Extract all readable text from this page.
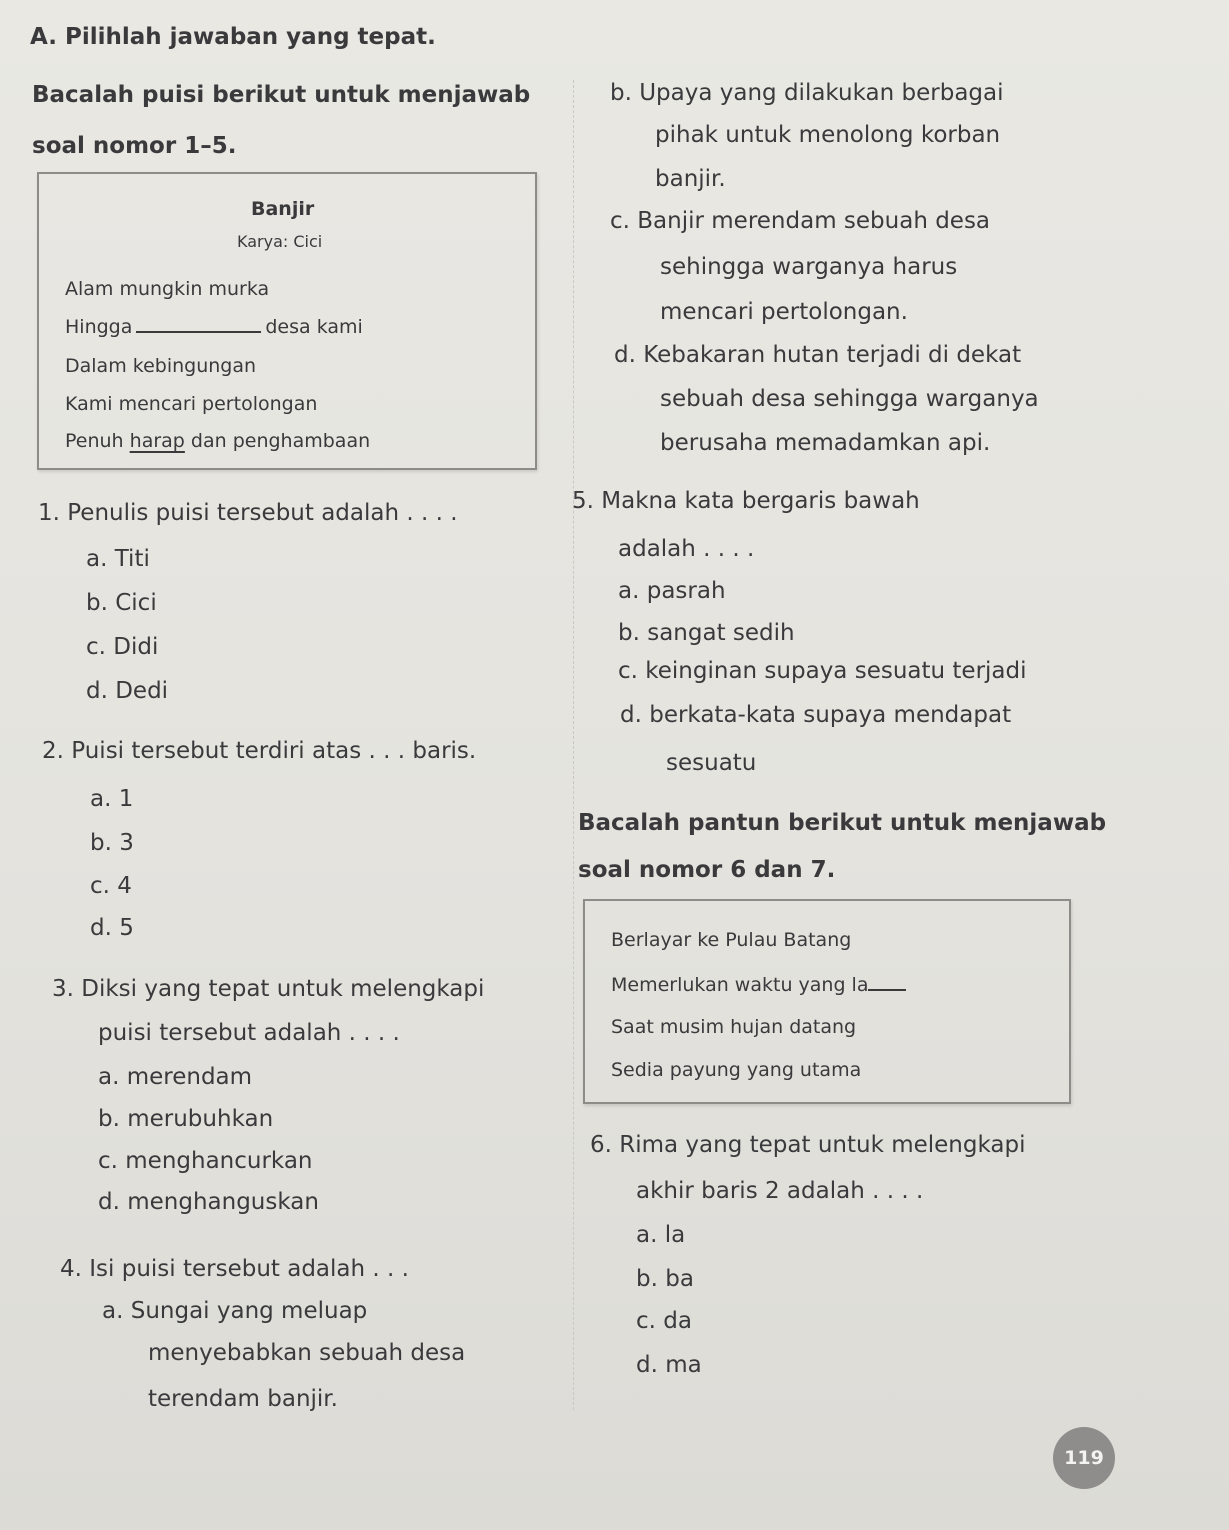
A. Pilihlah jawaban yang tepat.
Bacalah puisi berikut untuk menjawab
soal nomor 1–5.
Banjir
Karya: Cici
Alam mungkin murka
Hingga	desa kami
Dalam kebingungan
Kami mencari pertolongan
Penuh harap dan penghambaan
1. Penulis puisi tersebut adalah . . . .
a. Titi
b. Cici
c. Didi
d. Dedi
2. Puisi tersebut terdiri atas . . . baris.
a. 1
b. 3
c. 4
d. 5
3. Diksi yang tepat untuk melengkapi
puisi tersebut adalah . . . .
a. merendam
b. merubuhkan
c. menghancurkan
d. menghanguskan
4. Isi puisi tersebut adalah . . .
a. Sungai yang meluap
menyebabkan sebuah desa
terendam banjir.
b. Upaya yang dilakukan berbagai
pihak untuk menolong korban
banjir.
c. Banjir merendam sebuah desa
sehingga warganya harus
mencari pertolongan.
d. Kebakaran hutan terjadi di dekat
sebuah desa sehingga warganya
berusaha memadamkan api.
5. Makna kata bergaris bawah
adalah . . . .
a. pasrah
b. sangat sedih
c. keinginan supaya sesuatu terjadi
d. berkata-kata supaya mendapat
sesuatu
Bacalah pantun berikut untuk menjawab
soal nomor 6 dan 7.
Berlayar ke Pulau Batang
Memerlukan waktu yang la
Saat musim hujan datang
Sedia payung yang utama
6. Rima yang tepat untuk melengkapi
akhir baris 2 adalah . . . .
a. la
b. ba
c. da
d. ma
119
